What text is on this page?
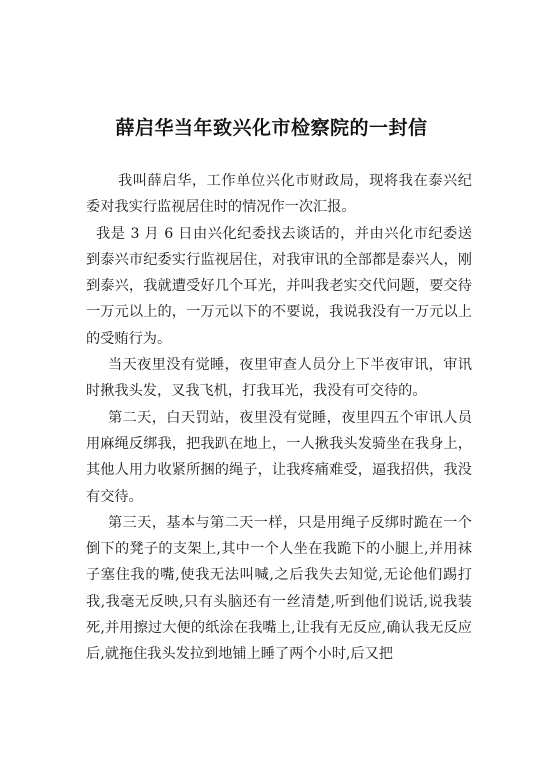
薛启华当年致兴化市检察院的一封信

我叫薛启华，工作单位兴化市财政局，现将我在泰兴纪委对我实行监视居住时的情况作一次汇报。

我是 3 月 6 日由兴化纪委找去谈话的，并由兴化市纪委送到泰兴市纪委实行监视居住，对我审讯的全部都是泰兴人，刚到泰兴，我就遭受好几个耳光，并叫我老实交代问题，要交待一万元以上的，一万元以下的不要说，我说我没有一万元以上的受贿行为。

当天夜里没有觉睡，夜里审查人员分上下半夜审讯，审讯时揪我头发，叉我飞机，打我耳光，我没有可交待的。

第二天，白天罚站，夜里没有觉睡，夜里四五个审讯人员用麻绳反绑我，把我趴在地上，一人揪我头发骑坐在我身上，其他人用力收紧所捆的绳子，让我疼痛难受，逼我招供，我没有交待。

第三天，基本与第二天一样，只是用绳子反绑时跪在一个倒下的凳子的支架上,其中一个人坐在我跪下的小腿上,并用袜子塞住我的嘴,使我无法叫喊,之后我失去知觉,无论他们踢打我,我毫无反映,只有头脑还有一丝清楚,听到他们说话,说我装死,并用擦过大便的纸涂在我嘴上,让我有无反应,确认我无反应后,就拖住我头发拉到地铺上睡了两个小时,后又把
